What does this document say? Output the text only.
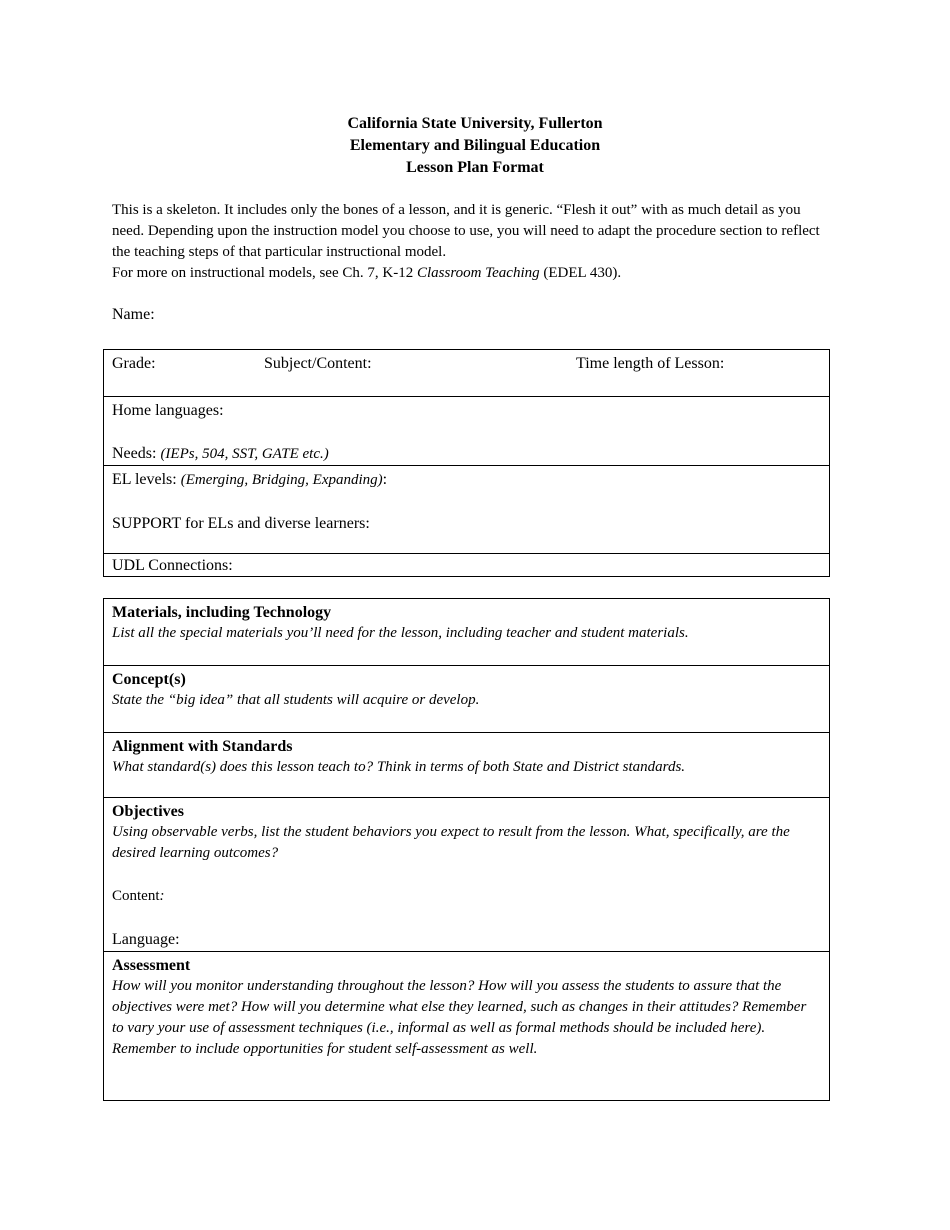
California State University, Fullerton
Elementary and Bilingual Education
Lesson Plan Format

This is a skeleton. It includes only the bones of a lesson, and it is generic. “Flesh it out” with as much detail as you need. Depending upon the instruction model you choose to use, you will need to adapt the procedure section to reflect the teaching steps of that particular instructional model.

For more on instructional models, see Ch. 7, K-12 Classroom Teaching (EDEL 430).

Name:
Grade:	Subject/Content:	Time length of Lesson:

Home languages:
Needs: (IEPs, 504, SST, GATE etc.)

EL levels: (Emerging, Bridging, Expanding):
SUPPORT for ELs and diverse learners:

UDL Connections:
Materials, including Technology
List all the special materials you’ll need for the lesson, including teacher and student materials.

Concept(s)
State the “big idea” that all students will acquire or develop.

Alignment with Standards
What standard(s) does this lesson teach to? Think in terms of both State and District standards.

Objectives
Using observable verbs, list the student behaviors you expect to result from the lesson. What, specifically, are the desired learning outcomes?
Content:
Language:

Assessment
How will you monitor understanding throughout the lesson? How will you assess the students to assure that the objectives were met? How will you determine what else they learned, such as changes in their attitudes? Remember to vary your use of assessment techniques (i.e., informal as well as formal methods should be included here). Remember to include opportunities for student self-assessment as well.
